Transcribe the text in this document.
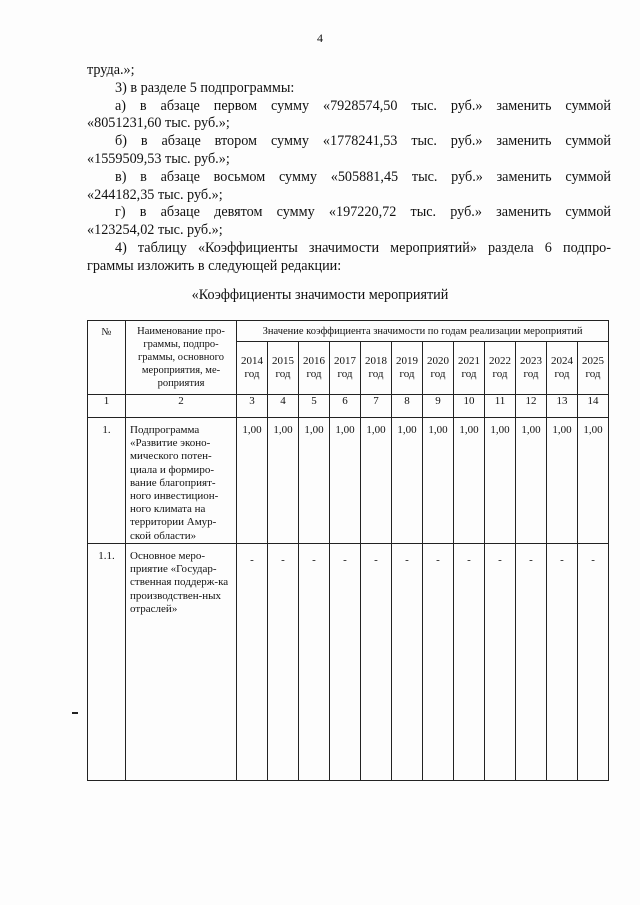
4
труда.»;
3) в разделе 5 подпрограммы:
а) в абзаце первом сумму «7928574,50 тыс. руб.» заменить суммой
«8051231,60 тыс. руб.»;
б) в абзаце втором сумму «1778241,53 тыс. руб.» заменить суммой
«1559509,53 тыс. руб.»;
в) в абзаце восьмом сумму «505881,45 тыс. руб.» заменить суммой
«244182,35 тыс. руб.»;
г) в абзаце девятом сумму «197220,72 тыс. руб.» заменить суммой
«123254,02 тыс. руб.»;
4) таблицу «Коэффициенты значимости мероприятий» раздела 6 подпро-
граммы изложить в следующей редакции:
«Коэффициенты значимости мероприятий
№	Наименование про-граммы, подпро-граммы, основного мероприятия, ме-роприятия	Значение коэффициента значимости по годам реализации мероприятий											
		2014 год	2015 год	2016 год	2017 год	2018 год	2019 год	2020 год	2021 год	2022 год	2023 год	2024 год	2025 год
1	2	3	4	5	6	7	8	9	10	11	12	13	14
1.	Подпрограмма «Развитие эконо-мического потен-циала и формиро-вание благоприят-ного инвестицион-ного климата на территории Амур-ской области»	1,00	1,00	1,00	1,00	1,00	1,00	1,00	1,00	1,00	1,00	1,00	1,00
1.1.	Основное меро-приятие «Государ-ственная поддерж-ка производствен-ных отраслей»	-	-	-	-	-	-	-	-	-	-	-	-
